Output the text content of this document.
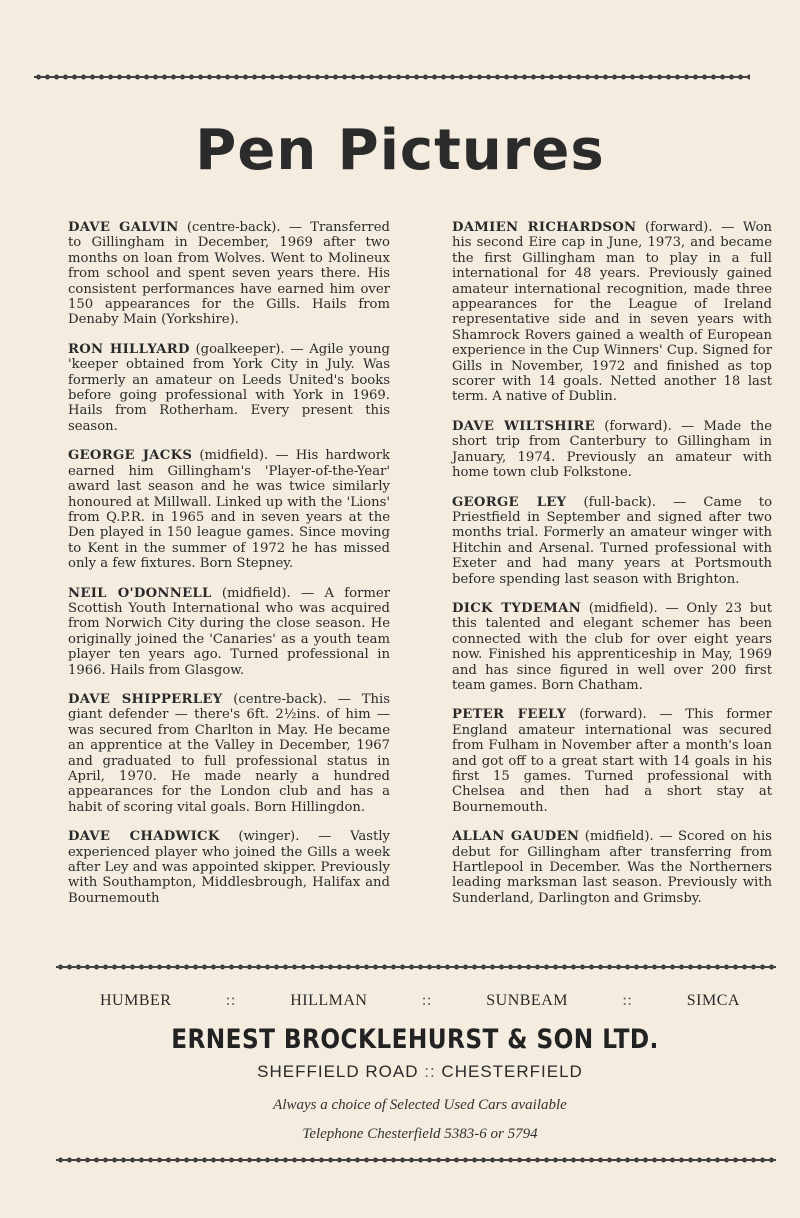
Pen Pictures

DAVE GALVIN (centre-back). — Transferred to Gillingham in December, 1969 after two months on loan from Wolves. Went to Molineux from school and spent seven years there. His consistent performances have earned him over 150 appearances for the Gills. Hails from Denaby Main (Yorkshire).

RON HILLYARD (goalkeeper). — Agile young 'keeper obtained from York City in July. Was formerly an amateur on Leeds United's books before going professional with York in 1969. Hails from Rotherham. Every present this season.

GEORGE JACKS (midfield). — His hardwork earned him Gillingham's 'Player-of-the-Year' award last season and he was twice similarly honoured at Millwall. Linked up with the 'Lions' from Q.P.R. in 1965 and in seven years at the Den played in 150 league games. Since moving to Kent in the summer of 1972 he has missed only a few fixtures. Born Stepney.

NEIL O'DONNELL (midfield). — A former Scottish Youth International who was acquired from Norwich City during the close season. He originally joined the 'Canaries' as a youth team player ten years ago. Turned professional in 1966. Hails from Glasgow.

DAVE SHIPPERLEY (centre-back). — This giant defender — there's 6ft. 2½ins. of him — was secured from Charlton in May. He became an apprentice at the Valley in December, 1967 and graduated to full professional status in April, 1970. He made nearly a hundred appearances for the London club and has a habit of scoring vital goals. Born Hillingdon.

DAVE CHADWICK (winger). — Vastly experienced player who joined the Gills a week after Ley and was appointed skipper. Previously with Southampton, Middlesbrough, Halifax and Bournemouth

DAMIEN RICHARDSON (forward). — Won his second Eire cap in June, 1973, and became the first Gillingham man to play in a full international for 48 years. Previously gained amateur international recognition, made three appearances for the League of Ireland representative side and in seven years with Shamrock Rovers gained a wealth of European experience in the Cup Winners' Cup. Signed for Gills in November, 1972 and finished as top scorer with 14 goals. Netted another 18 last term. A native of Dublin.

DAVE WILTSHIRE (forward). — Made the short trip from Canterbury to Gillingham in January, 1974. Previously an amateur with home town club Folkstone.

GEORGE LEY (full-back). — Came to Priestfield in September and signed after two months trial. Formerly an amateur winger with Hitchin and Arsenal. Turned professional with Exeter and had many years at Portsmouth before spending last season with Brighton.

DICK TYDEMAN (midfield). — Only 23 but this talented and elegant schemer has been connected with the club for over eight years now. Finished his apprenticeship in May, 1969 and has since figured in well over 200 first team games. Born Chatham.

PETER FEELY (forward). — This former England amateur international was secured from Fulham in November after a month's loan and got off to a great start with 14 goals in his first 15 games. Turned professional with Chelsea and then had a short stay at Bournemouth.

ALLAN GAUDEN (midfield). — Scored on his debut for Gillingham after transferring from Hartlepool in December. Was the Northerners leading marksman last season. Previously with Sunderland, Darlington and Grimsby.

HUMBER	::	HILLMAN	::	SUNBEAM	::	SIMCA
ERNEST BROCKLEHURST & SON LTD.
SHEFFIELD ROAD :: CHESTERFIELD
Always a choice of Selected Used Cars available
Telephone Chesterfield 5383-6 or 5794
